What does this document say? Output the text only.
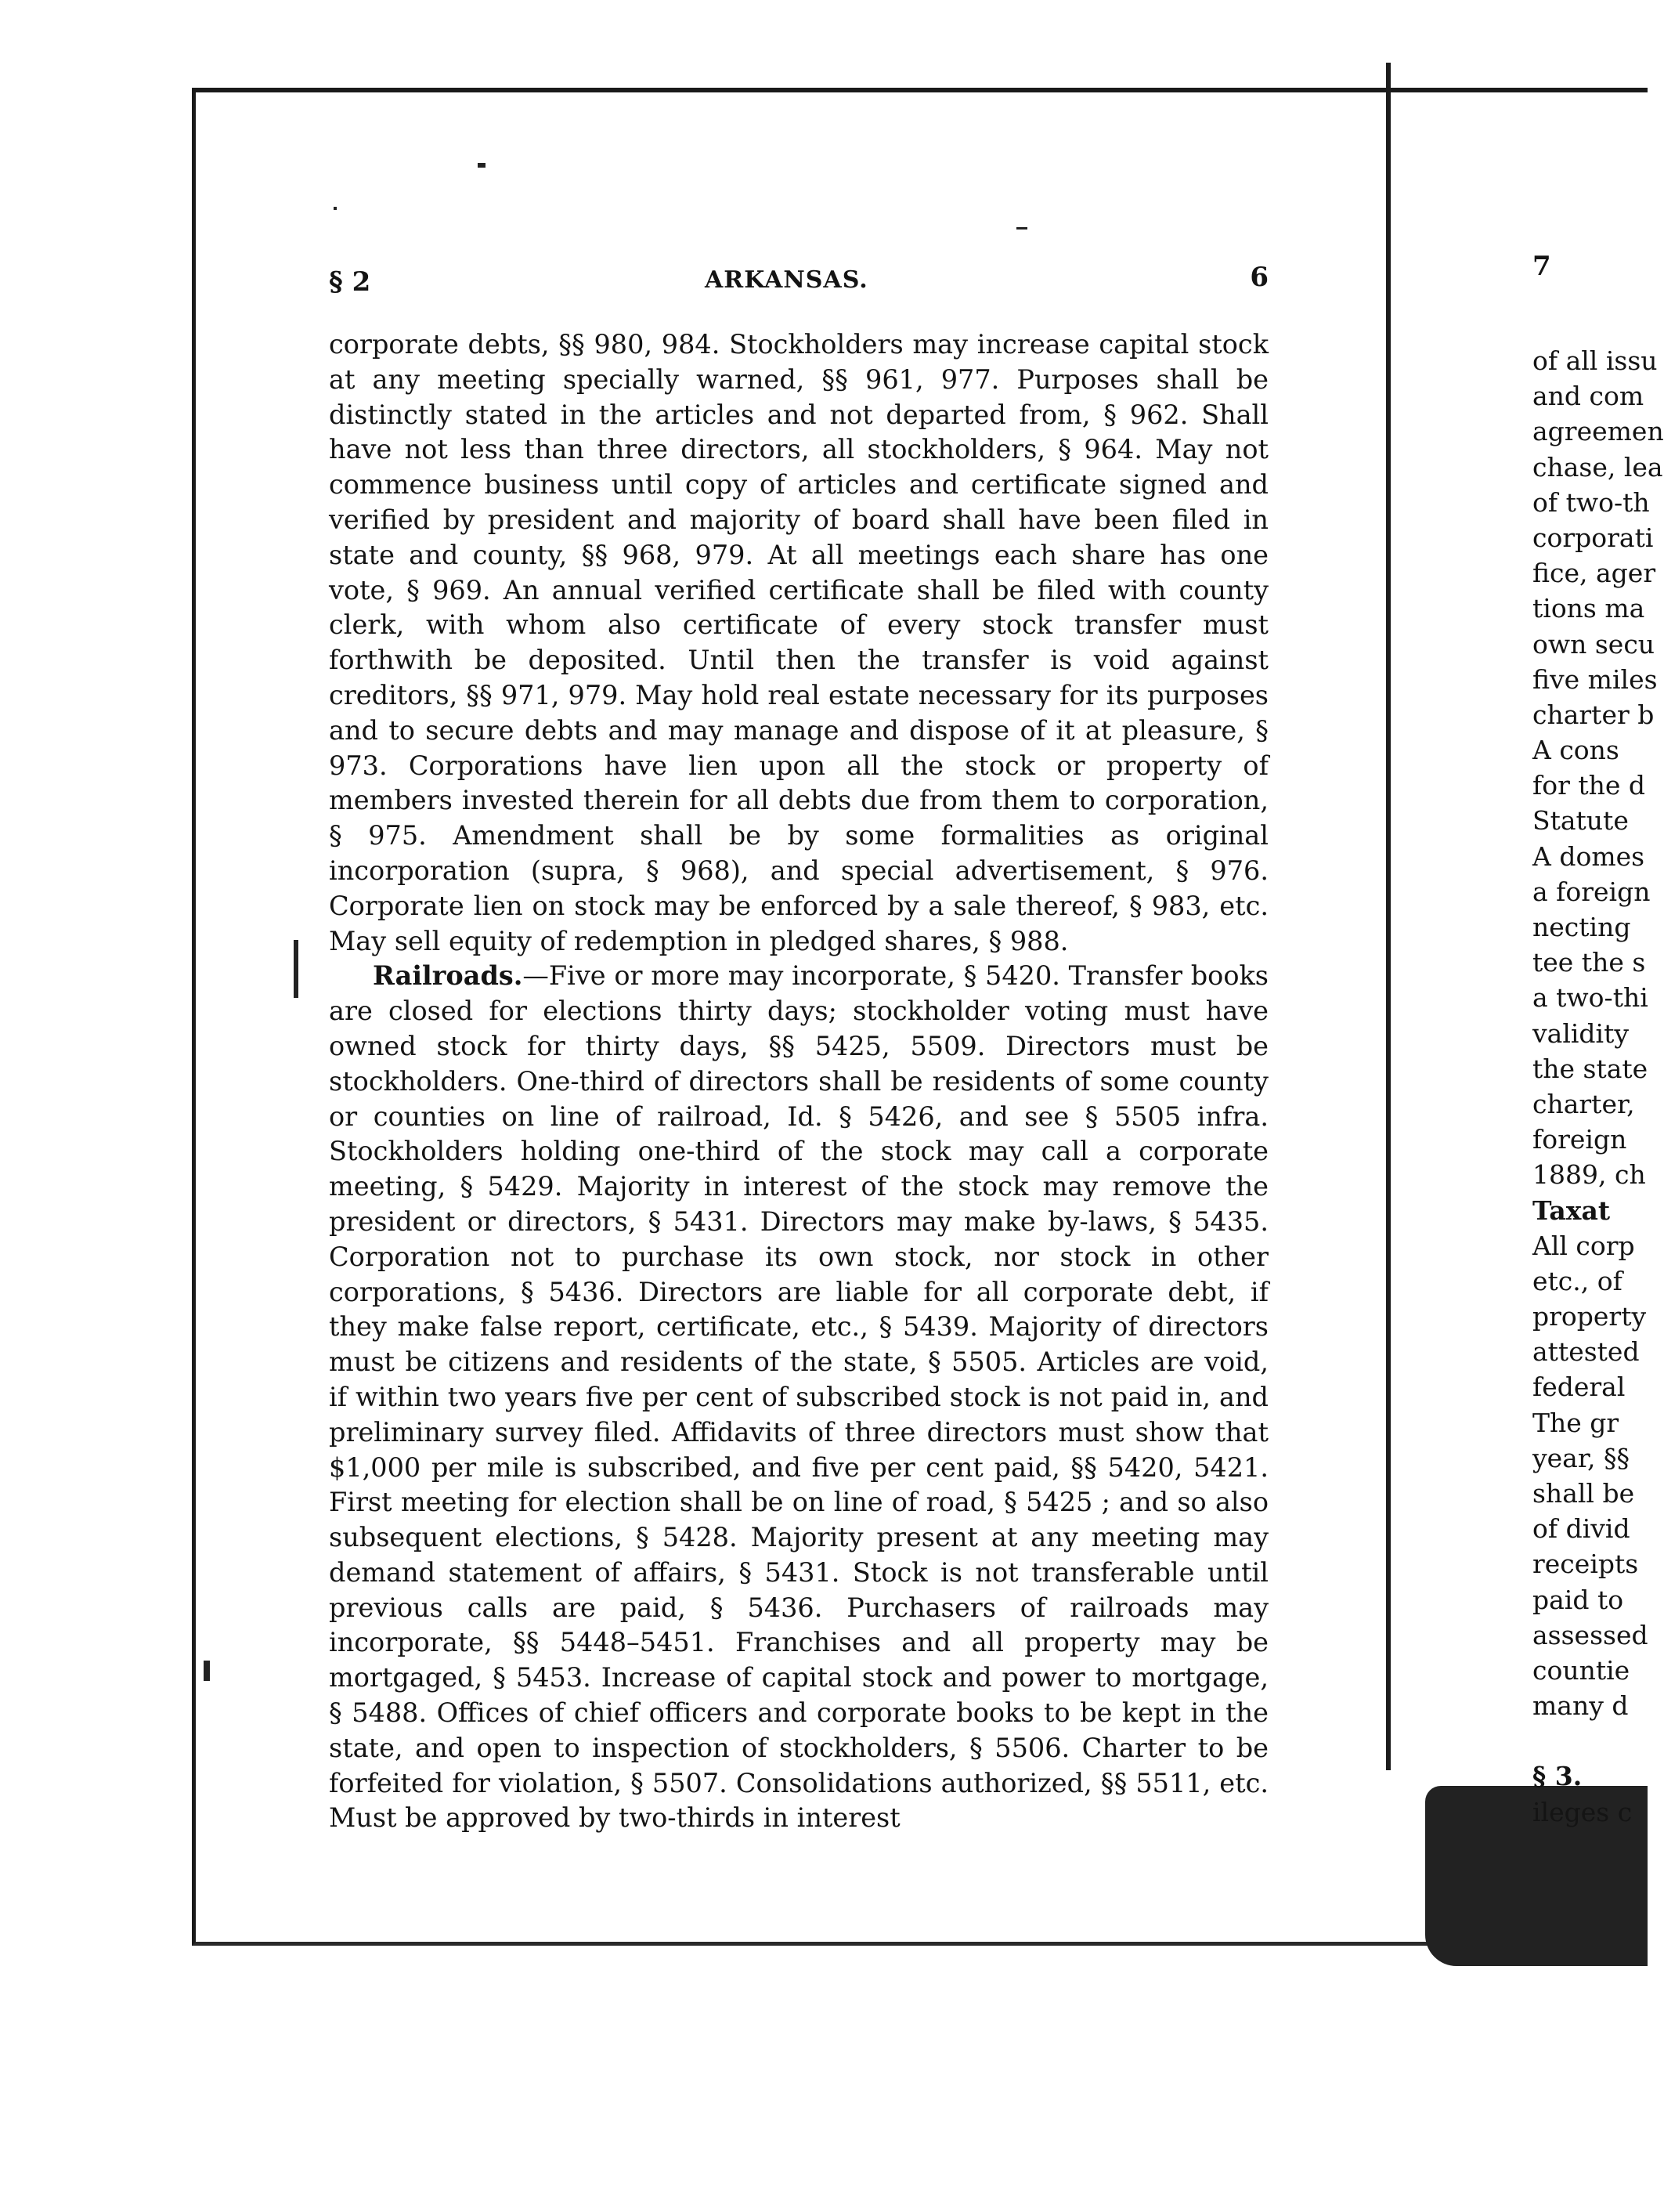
§ 2	ARKANSAS.	6

corporate debts, §§ 980, 984. Stockholders may increase capital stock at any meeting specially warned, §§ 961, 977. Purposes shall be distinctly stated in the articles and not departed from, § 962. Shall have not less than three directors, all stockholders, § 964. May not commence business until copy of articles and certificate signed and verified by president and majority of board shall have been filed in state and county, §§ 968, 979. At all meetings each share has one vote, § 969. An annual verified certificate shall be filed with county clerk, with whom also certificate of every stock transfer must forthwith be deposited. Until then the transfer is void against creditors, §§ 971, 979. May hold real estate necessary for its purposes and to secure debts and may manage and dispose of it at pleasure, § 973. Corporations have lien upon all the stock or property of members invested therein for all debts due from them to corporation, § 975. Amendment shall be by some formalities as original incorporation (supra, § 968), and special advertisement, § 976. Corporate lien on stock may be enforced by a sale thereof, § 983, etc. May sell equity of redemption in pledged shares, § 988.

Railroads.—Five or more may incorporate, § 5420. Transfer books are closed for elections thirty days; stockholder voting must have owned stock for thirty days, §§ 5425, 5509. Directors must be stockholders. One-third of directors shall be residents of some county or counties on line of railroad, Id. § 5426, and see § 5505 infra. Stockholders holding one-third of the stock may call a corporate meeting, § 5429. Majority in interest of the stock may remove the president or directors, § 5431. Directors may make by-laws, § 5435. Corporation not to purchase its own stock, nor stock in other corporations, § 5436. Directors are liable for all corporate debt, if they make false report, certificate, etc., § 5439. Majority of directors must be citizens and residents of the state, § 5505. Articles are void, if within two years five per cent of subscribed stock is not paid in, and preliminary survey filed. Affidavits of three directors must show that $1,000 per mile is subscribed, and five per cent paid, §§ 5420, 5421. First meeting for election shall be on line of road, § 5425 ; and so also subsequent elections, § 5428. Majority present at any meeting may demand statement of affairs, § 5431. Stock is not transferable until previous calls are paid, § 5436. Purchasers of railroads may incorporate, §§ 5448–5451. Franchises and all property may be mortgaged, § 5453. Increase of capital stock and power to mortgage, § 5488. Offices of chief officers and corporate books to be kept in the state, and open to inspection of stockholders, § 5506. Charter to be forfeited for violation, § 5507. Consolidations authorized, §§ 5511, etc. Must be approved by two-thirds in interest

7
of all issu
and com
agreemen
chase, lea
of two-th
corporati
fice, ager
tions ma
own secu
five miles
charter b
A cons
for the d
Statute
A domes
a foreign
necting
tee the s
a two-thi
validity
the state
charter,
foreign
1889, ch
Taxat
All corp
etc., of
property
attested
federal
The gr
year, §§
shall be
of divid
receipts
paid to
assessed
countie
many d
§ 3.
ileges c
